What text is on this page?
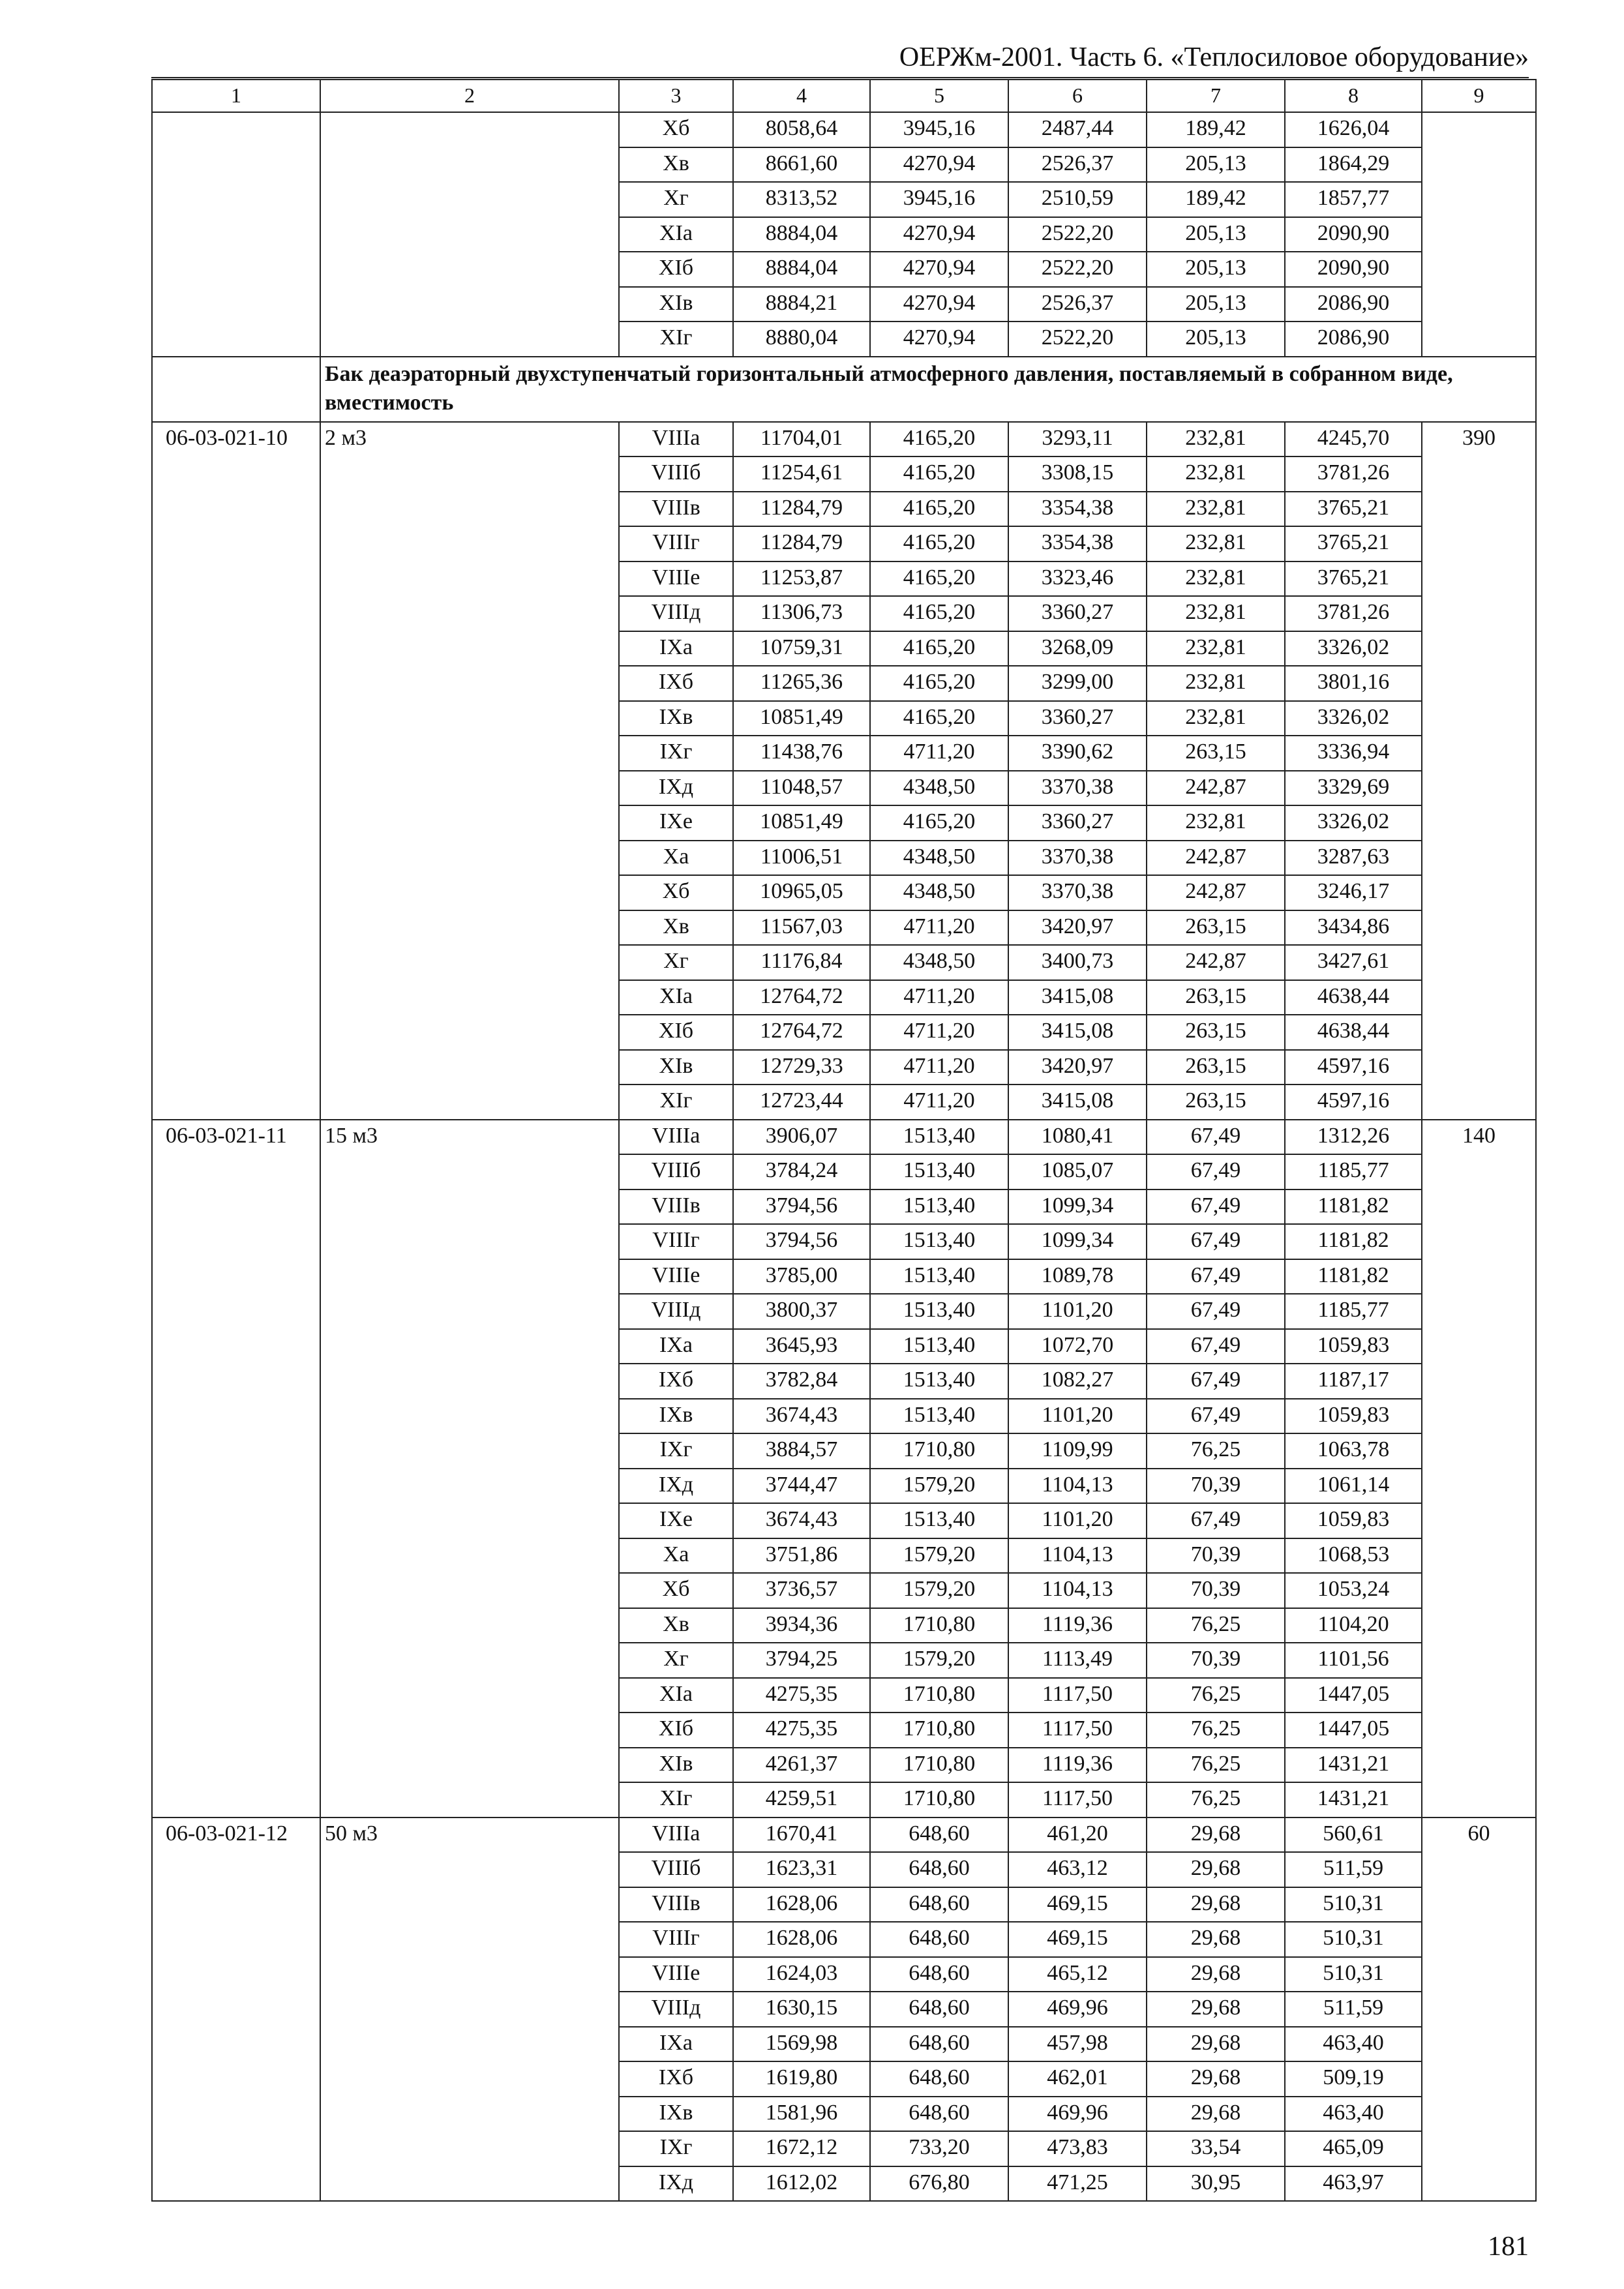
ОЕРЖм-2001. Часть 6. «Теплосиловое оборудование»
1	2	3	4	5	6	7	8	9
		Xб	8058,64	3945,16	2487,44	189,42	1626,04	
		Xв	8661,60	4270,94	2526,37	205,13	1864,29	
		Xг	8313,52	3945,16	2510,59	189,42	1857,77	
		XIа	8884,04	4270,94	2522,20	205,13	2090,90	
		XIб	8884,04	4270,94	2522,20	205,13	2090,90	
		XIв	8884,21	4270,94	2526,37	205,13	2086,90	
		XIг	8880,04	4270,94	2522,20	205,13	2086,90	
	Бак деаэраторный двухступенчатый горизонтальный атмосферного давления, поставляемый в собранном виде, вместимость							
06-03-021-10	2 м3	VIIIа	11704,01	4165,20	3293,11	232,81	4245,70	390
		VIIIб	11254,61	4165,20	3308,15	232,81	3781,26	
		VIIIв	11284,79	4165,20	3354,38	232,81	3765,21	
		VIIIг	11284,79	4165,20	3354,38	232,81	3765,21	
		VIIIе	11253,87	4165,20	3323,46	232,81	3765,21	
		VIIIд	11306,73	4165,20	3360,27	232,81	3781,26	
		IXа	10759,31	4165,20	3268,09	232,81	3326,02	
		IXб	11265,36	4165,20	3299,00	232,81	3801,16	
		IXв	10851,49	4165,20	3360,27	232,81	3326,02	
		IXг	11438,76	4711,20	3390,62	263,15	3336,94	
		IXд	11048,57	4348,50	3370,38	242,87	3329,69	
		IXе	10851,49	4165,20	3360,27	232,81	3326,02	
		Xа	11006,51	4348,50	3370,38	242,87	3287,63	
		Xб	10965,05	4348,50	3370,38	242,87	3246,17	
		Xв	11567,03	4711,20	3420,97	263,15	3434,86	
		Xг	11176,84	4348,50	3400,73	242,87	3427,61	
		XIа	12764,72	4711,20	3415,08	263,15	4638,44	
		XIб	12764,72	4711,20	3415,08	263,15	4638,44	
		XIв	12729,33	4711,20	3420,97	263,15	4597,16	
		XIг	12723,44	4711,20	3415,08	263,15	4597,16	
06-03-021-11	15 м3	VIIIа	3906,07	1513,40	1080,41	67,49	1312,26	140
		VIIIб	3784,24	1513,40	1085,07	67,49	1185,77	
		VIIIв	3794,56	1513,40	1099,34	67,49	1181,82	
		VIIIг	3794,56	1513,40	1099,34	67,49	1181,82	
		VIIIе	3785,00	1513,40	1089,78	67,49	1181,82	
		VIIIд	3800,37	1513,40	1101,20	67,49	1185,77	
		IXа	3645,93	1513,40	1072,70	67,49	1059,83	
		IXб	3782,84	1513,40	1082,27	67,49	1187,17	
		IXв	3674,43	1513,40	1101,20	67,49	1059,83	
		IXг	3884,57	1710,80	1109,99	76,25	1063,78	
		IXд	3744,47	1579,20	1104,13	70,39	1061,14	
		IXе	3674,43	1513,40	1101,20	67,49	1059,83	
		Xа	3751,86	1579,20	1104,13	70,39	1068,53	
		Xб	3736,57	1579,20	1104,13	70,39	1053,24	
		Xв	3934,36	1710,80	1119,36	76,25	1104,20	
		Xг	3794,25	1579,20	1113,49	70,39	1101,56	
		XIа	4275,35	1710,80	1117,50	76,25	1447,05	
		XIб	4275,35	1710,80	1117,50	76,25	1447,05	
		XIв	4261,37	1710,80	1119,36	76,25	1431,21	
		XIг	4259,51	1710,80	1117,50	76,25	1431,21	
06-03-021-12	50 м3	VIIIа	1670,41	648,60	461,20	29,68	560,61	60
		VIIIб	1623,31	648,60	463,12	29,68	511,59	
		VIIIв	1628,06	648,60	469,15	29,68	510,31	
		VIIIг	1628,06	648,60	469,15	29,68	510,31	
		VIIIе	1624,03	648,60	465,12	29,68	510,31	
		VIIIд	1630,15	648,60	469,96	29,68	511,59	
		IXа	1569,98	648,60	457,98	29,68	463,40	
		IXб	1619,80	648,60	462,01	29,68	509,19	
		IXв	1581,96	648,60	469,96	29,68	463,40	
		IXг	1672,12	733,20	473,83	33,54	465,09	
		IXд	1612,02	676,80	471,25	30,95	463,97	
181
